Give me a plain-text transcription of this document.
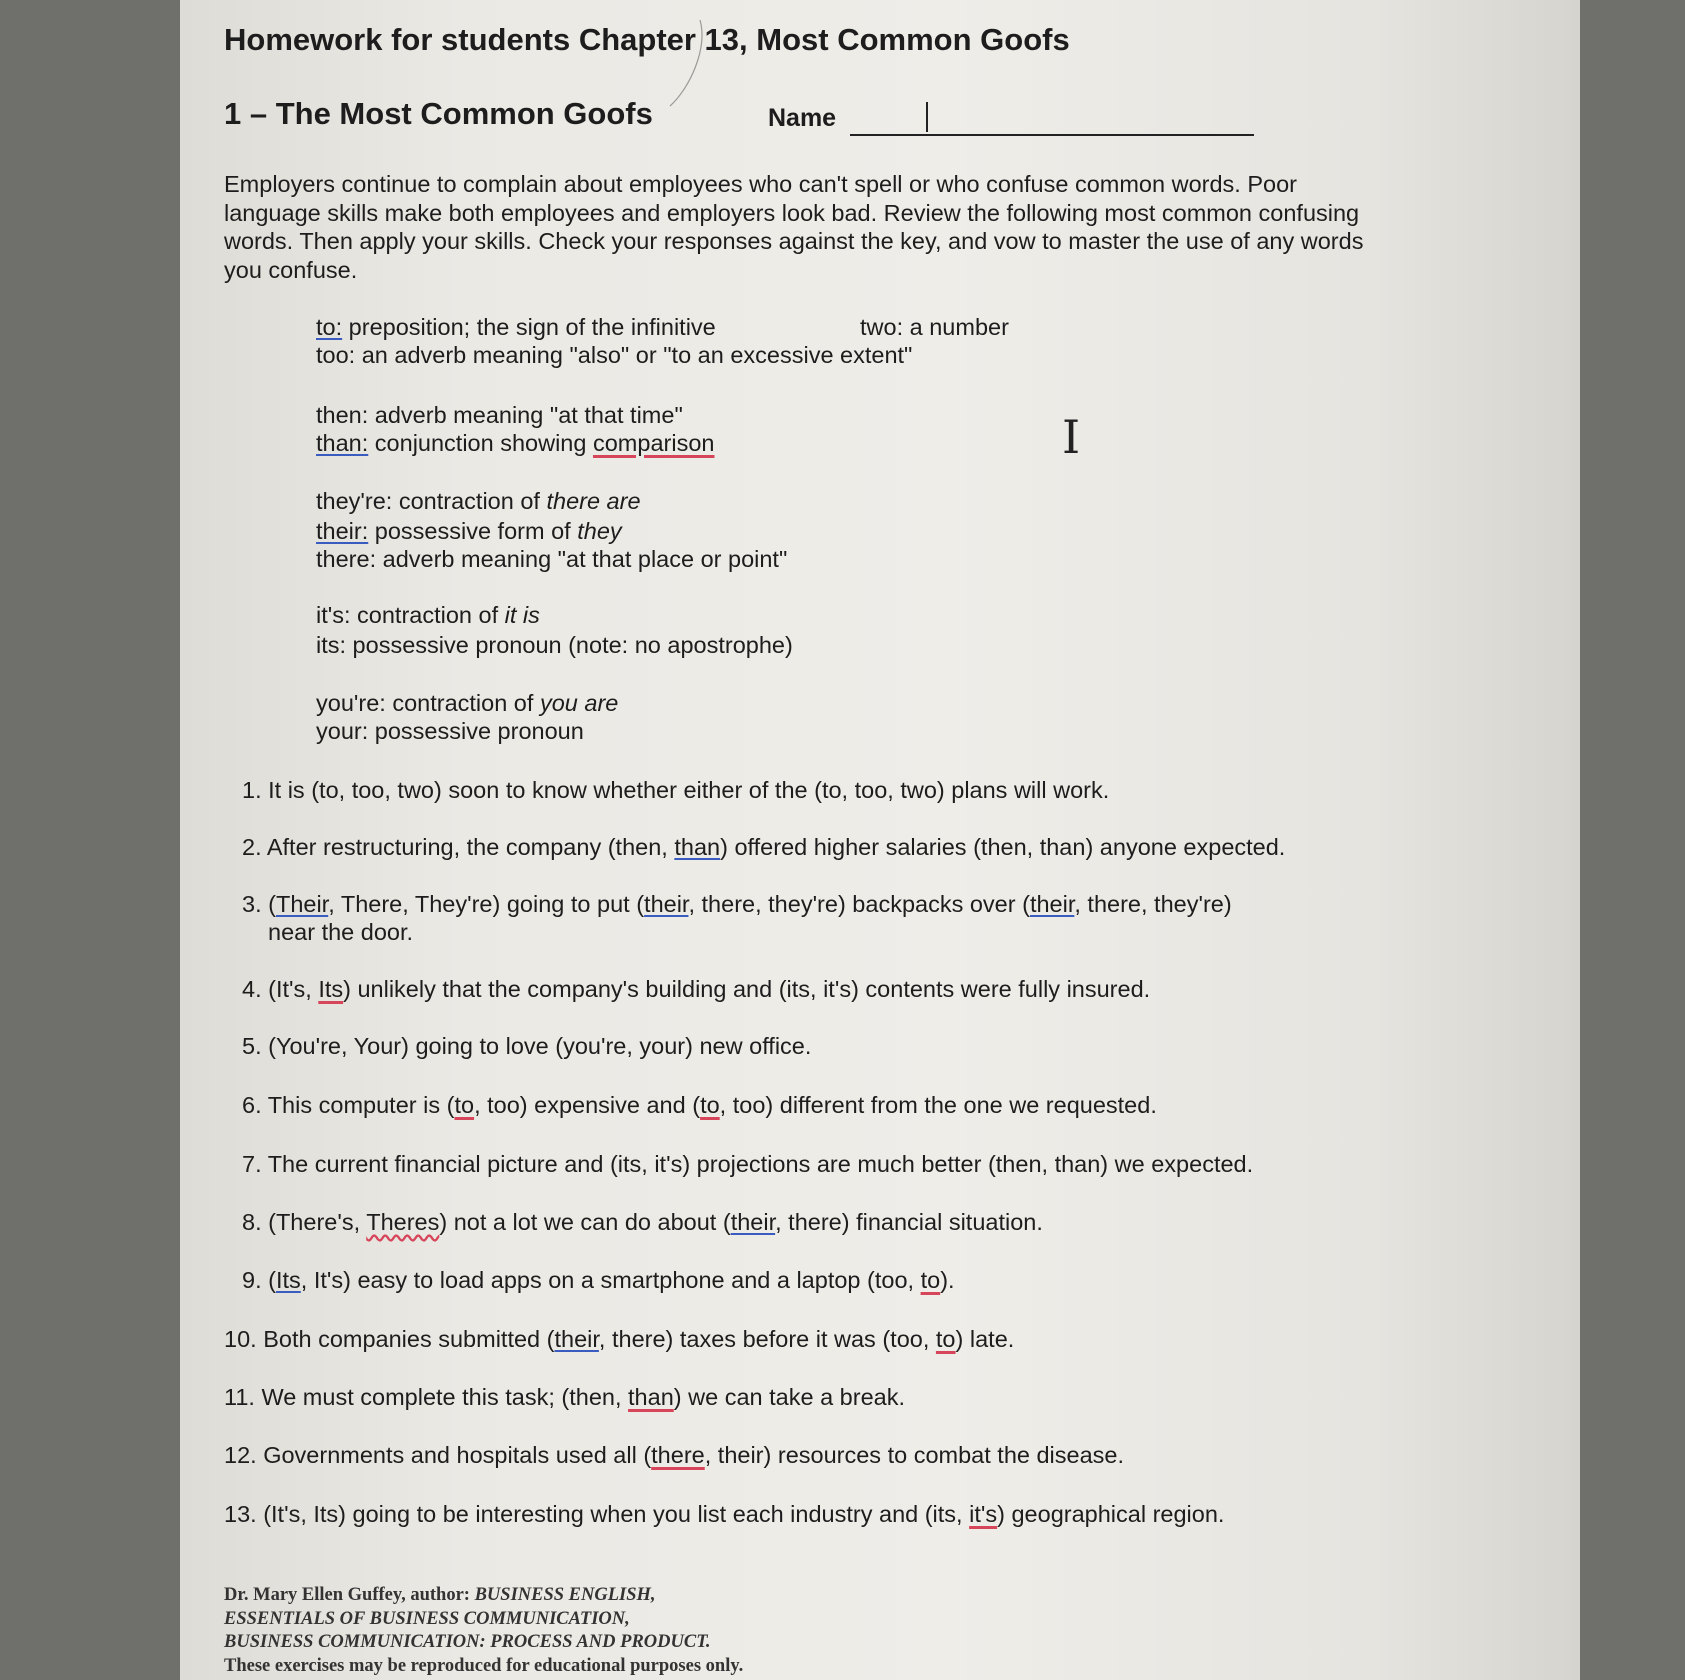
Homework for students Chapter 13, Most Common Goofs
1 – The Most Common Goofs	Name

Employers continue to complain about employees who can't spell or who confuse common words. Poor language skills make both employees and employers look bad. Review the following most common confusing words. Then apply your skills. Check your responses against the key, and vow to master the use of any words you confuse.

to: preposition; the sign of the infinitive	two: a number
too: an adverb meaning "also" or "to an excessive extent"
then: adverb meaning "at that time"
than: conjunction showing comparison
they're: contraction of there are
their: possessive form of they
there: adverb meaning "at that place or point"
it's: contraction of it is
its: possessive pronoun (note: no apostrophe)
you're: contraction of you are
your: possessive pronoun
I
1. It is (to, too, two) soon to know whether either of the (to, too, two) plans will work.
2. After restructuring, the company (then, than) offered higher salaries (then, than) anyone expected.
3. (Their, There, They're) going to put (their, there, they're) backpacks over (their, there, they're)
near the door.
4. (It's, Its) unlikely that the company's building and (its, it's) contents were fully insured.
5. (You're, Your) going to love (you're, your) new office.
6. This computer is (to, too) expensive and (to, too) different from the one we requested.
7. The current financial picture and (its, it's) projections are much better (then, than) we expected.
8. (There's, Theres) not a lot we can do about (their, there) financial situation.
9. (Its, It's) easy to load apps on a smartphone and a laptop (too, to).
10. Both companies submitted (their, there) taxes before it was (too, to) late.
11. We must complete this task; (then, than) we can take a break.
12. Governments and hospitals used all (there, their) resources to combat the disease.
13. (It's, Its) going to be interesting when you list each industry and (its, it's) geographical region.
Dr. Mary Ellen Guffey, author: BUSINESS ENGLISH,
ESSENTIALS OF BUSINESS COMMUNICATION,
BUSINESS COMMUNICATION: PROCESS AND PRODUCT.
These exercises may be reproduced for educational purposes only.
